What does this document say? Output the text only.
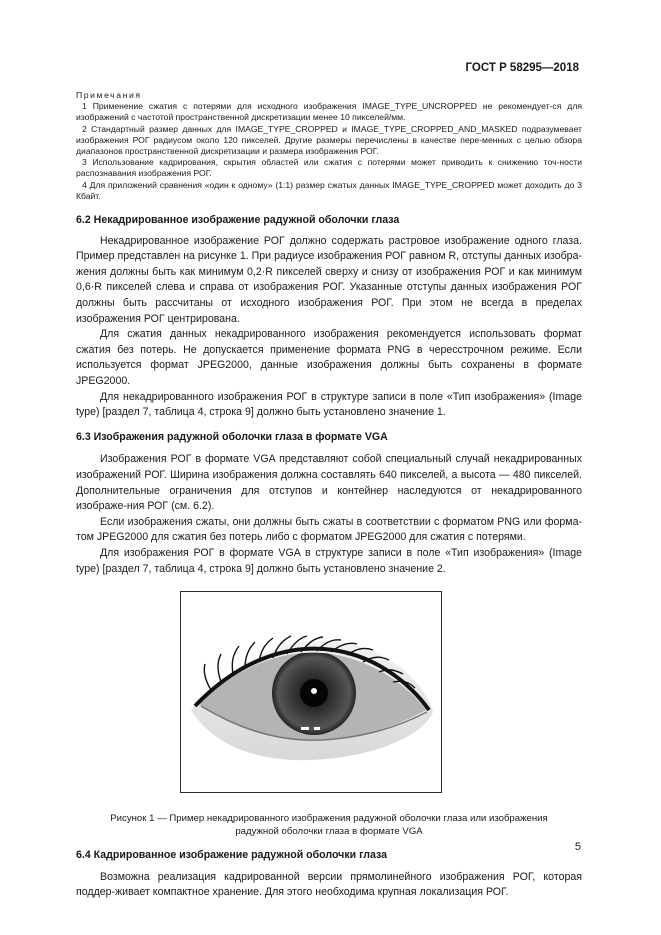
ГОСТ Р 58295—2018

Примечания

1 Применение сжатия с потерями для исходного изображения IMAGE_TYPE_UNCROPPED не рекомендует-ся для изображений с частотой пространственной дискретизации менее 10 пикселей/мм.

2 Стандартный размер данных для IMAGE_TYPE_CROPPED и IMAGE_TYPE_CROPPED_AND_MASKED подразумевает изображения РОГ радиусом около 120 пикселей. Другие размеры перечислены в качестве пере-менных с целью обзора диапазонов пространственной дискретизации и размера изображения РОГ.

3 Использование кадрирования, скрытия областей или сжатия с потерями может приводить к снижению точ-ности распознавания изображения РОГ.

4 Для приложений сравнения «один к одному» (1:1) размер сжатых данных IMAGE_TYPE_CROPPED может доходить до 3 Кбайт.

6.2 Некадрированное изображение радужной оболочки глаза

Некадрированное изображение РОГ должно содержать растровое изображение одного глаза. Пример представлен на рисунке 1. При радиусе изображения РОГ равном R, отступы данных изобра-жения должны быть как минимум 0,2·R пикселей сверху и снизу от изображения РОГ и как минимум 0,6·R пикселей слева и справа от изображения РОГ. Указанные отступы данных изображения РОГ должны быть рассчитаны от исходного изображения РОГ. При этом не всегда в пределах изображения РОГ центрирована.

Для сжатия данных некадрированного изображения рекомендуется использовать формат сжатия без потерь. Не допускается применение формата PNG в чересстрочном режиме. Если используется формат JPEG2000, данные изображения должны быть сохранены в формате JPEG2000.

Для некадрированного изображения РОГ в структуре записи в поле «Тип изображения» (Image type) [раздел 7, таблица 4, строка 9] должно быть установлено значение 1.

6.3 Изображения радужной оболочки глаза в формате VGA

Изображения РОГ в формате VGA представляют собой специальный случай некадрированных изображений РОГ. Ширина изображения должна составлять 640 пикселей, а высота — 480 пикселей. Дополнительные ограничения для отступов и контейнер наследуются от некадрированного изображе-ния РОГ (см. 6.2).

Если изображения сжаты, они должны быть сжаты в соответствии с форматом PNG или форма-том JPEG2000 для сжатия без потерь либо с форматом JPEG2000 для сжатия с потерями.

Для изображения РОГ в формате VGA в структуре записи в поле «Тип изображения» (Image type) [раздел 7, таблица 4, строка 9] должно быть установлено значение 2.

Рисунок 1 — Пример некадрированного изображения радужной оболочки глаза или изображения
радужной оболочки глаза в формате VGA
6.4 Кадрированное изображение радужной оболочки глаза

Возможна реализация кадрированной версии прямолинейного изображения РОГ, которая поддер-живает компактное хранение. Для этого необходима крупная локализация РОГ.

5
